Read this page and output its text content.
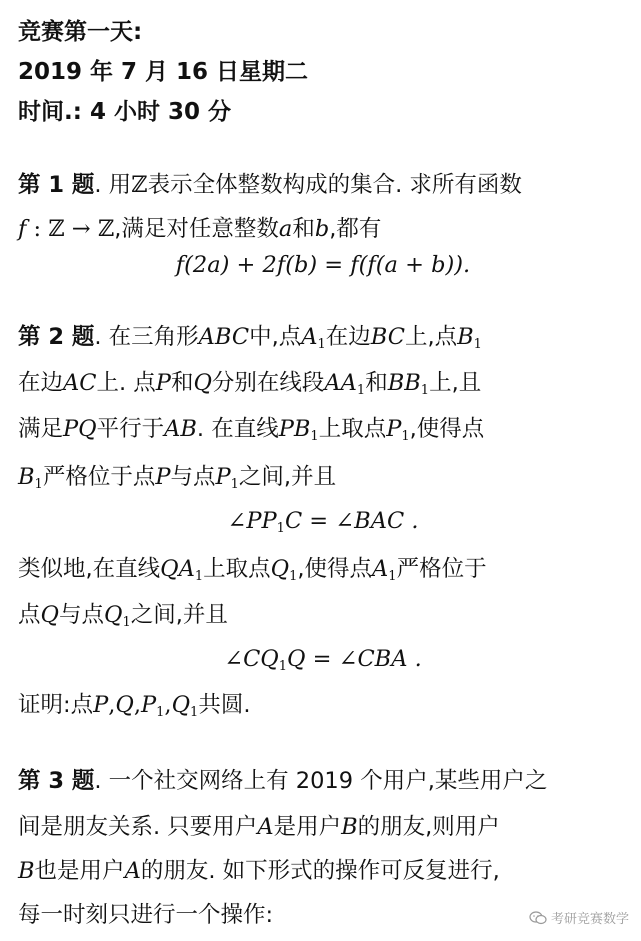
竞赛第一天:
2019 年 7 月 16 日星期二
时间.: 4 小时 30 分
第 1 题. 用ℤ表示全体整数构成的集合. 求所有函数
f : ℤ → ℤ,满足对任意整数a和b,都有
f(2a) + 2f(b) = f(f(a + b)).
第 2 题. 在三角形ABC中,点$A_1$在边BC上,点$B_1$
在边AC上. 点P和Q分别在线段$AA_1$和$BB_1$上,且
满足PQ平行于AB. 在直线$PB_1$上取点$P_1$,使得点
$B_1$严格位于点P与点$P_1$之间,并且
$\angle PP_1C$ = ∠BAC .
类似地,在直线$QA_1$上取点$Q_1$,使得点$A_1$严格位于
点Q与点$Q_1$之间,并且
$\angle CQ_1Q$ = ∠CBA .
证明:点$P,Q,P_1,Q_1$共圆.
第 3 题. 一个社交网络上有 2019 个用户,某些用户之
间是朋友关系. 只要用户A是用户B的朋友,则用户
B也是用户A的朋友. 如下形式的操作可反复进行,
每一时刻只进行一个操作:	考研竞赛数学
